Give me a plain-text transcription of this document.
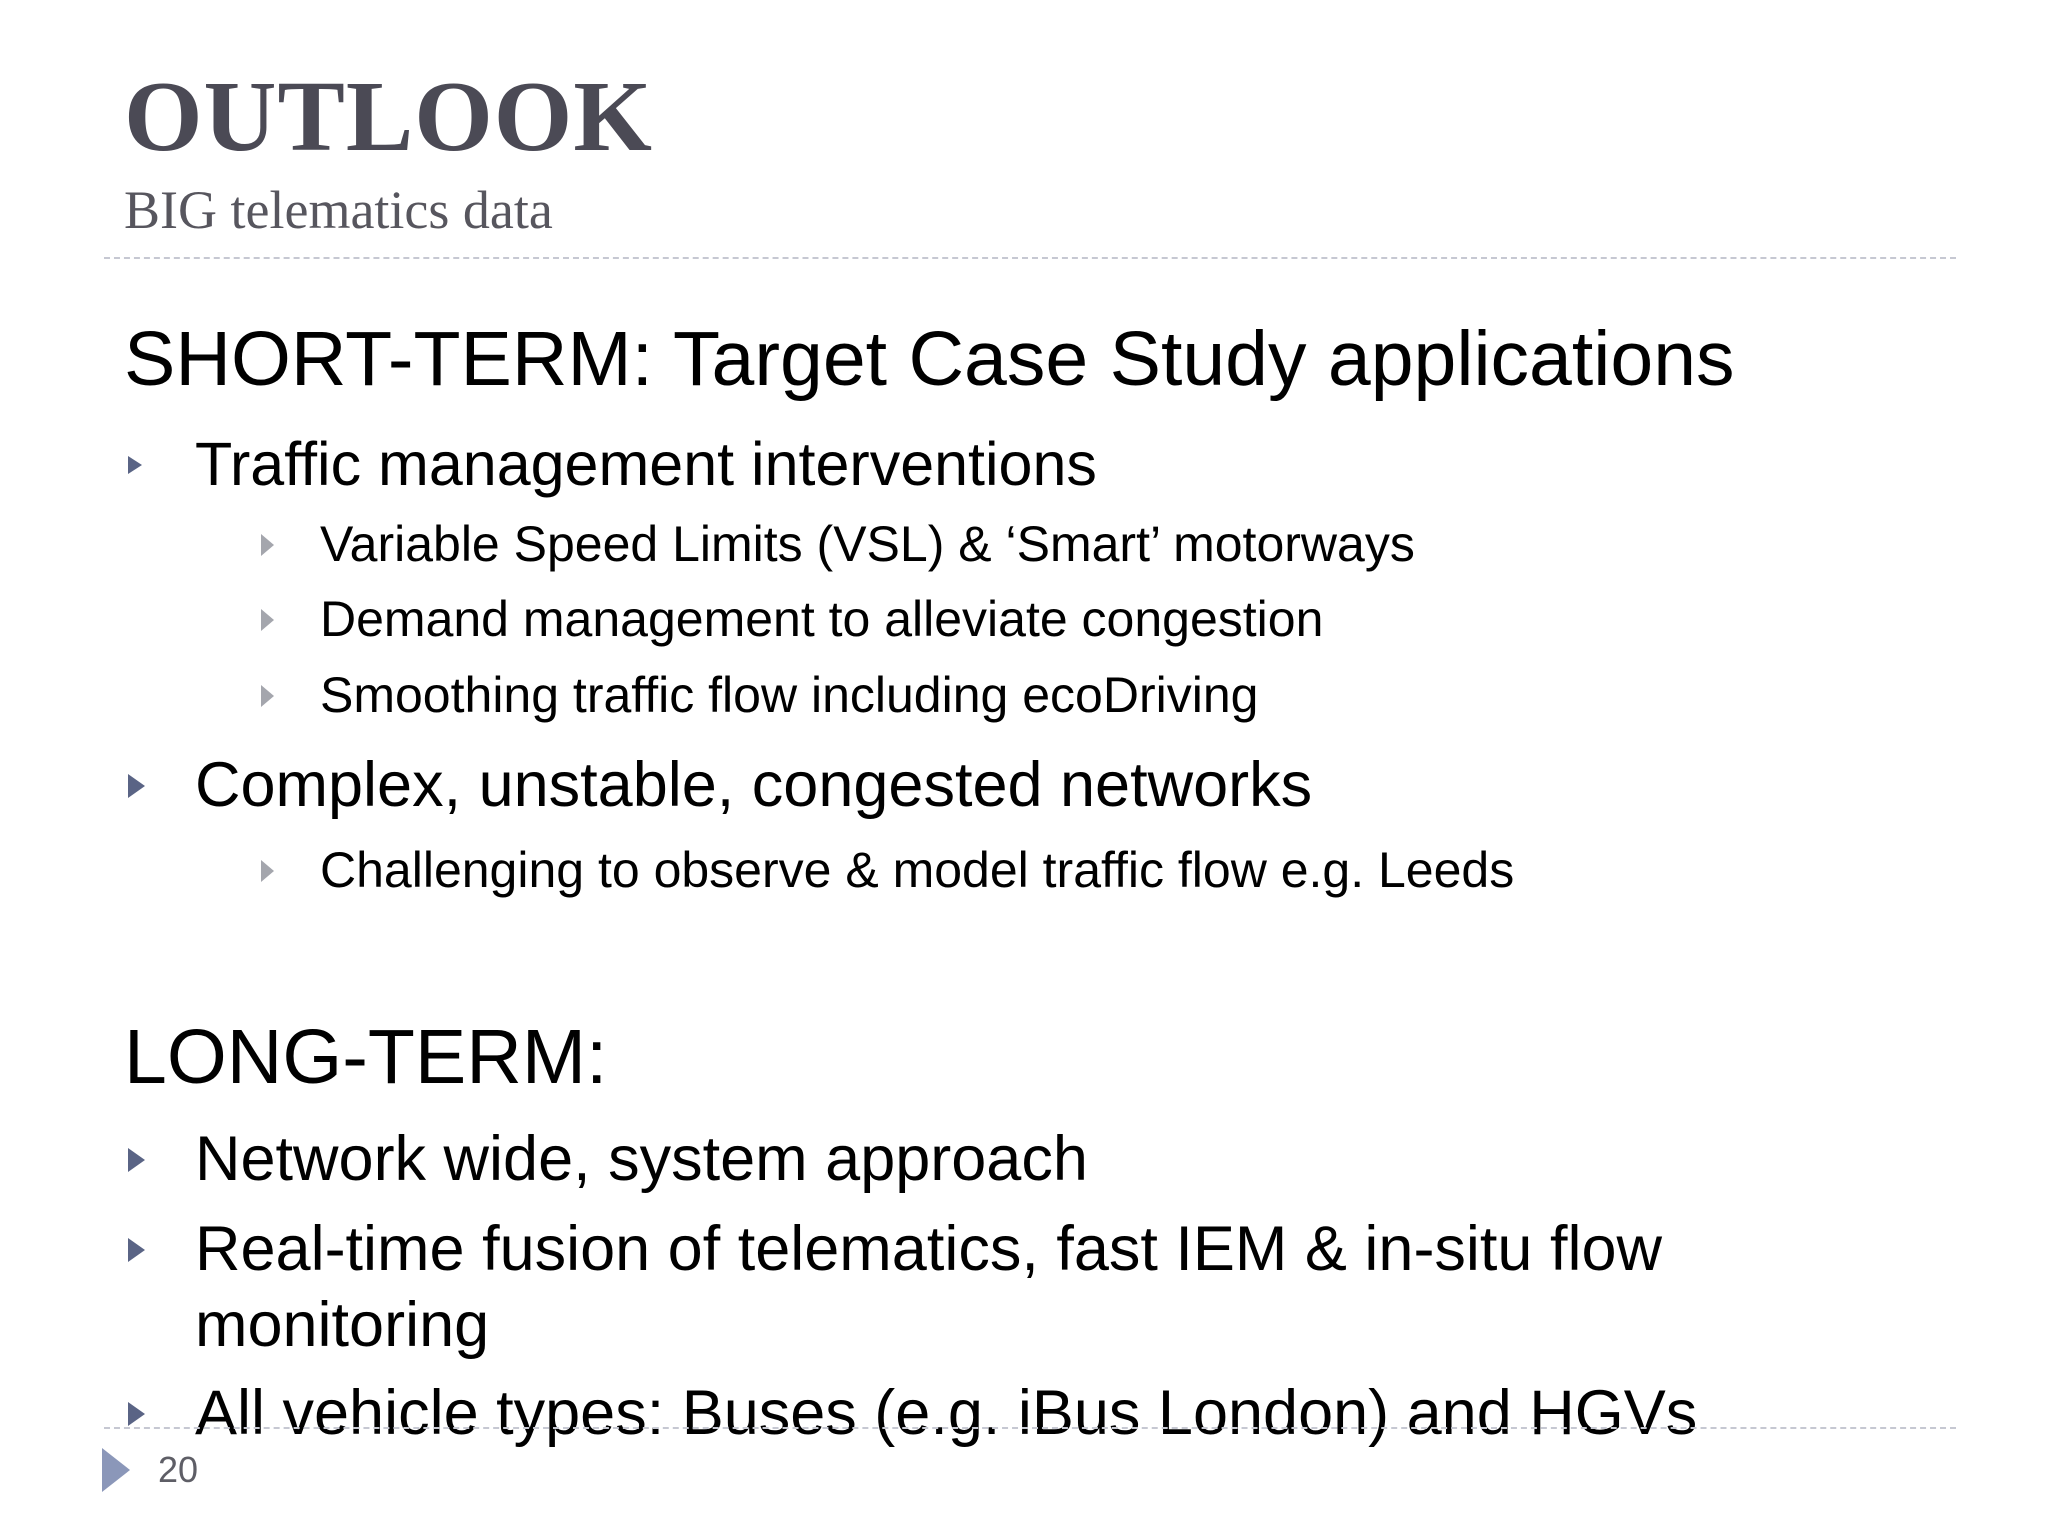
OUTLOOK
BIG telematics data
SHORT-TERM: Target Case Study applications
Traffic management interventions
Variable Speed Limits (VSL) & ‘Smart’ motorways
Demand management to alleviate congestion
Smoothing traffic flow including ecoDriving
Complex, unstable, congested networks
Challenging to observe & model traffic flow e.g. Leeds
LONG-TERM:
Network wide, system approach
Real-time fusion of telematics, fast IEM & in-situ flow monitoring
All vehicle types: Buses (e.g. iBus London) and HGVs
20
